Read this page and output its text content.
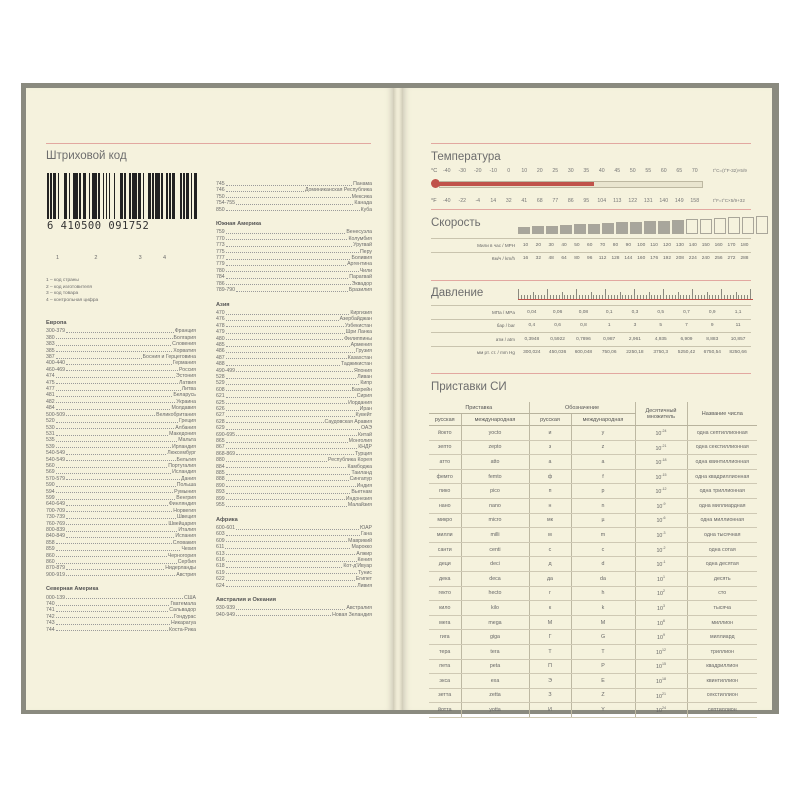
Штриховой код
6 410500 091752
1	2	3	4
1 – код страны
2 – код изготовителя
3 – код товара
4 – контрольная цифра
Европа
300-379	Франция
380	Болгария
383	Словения
385	Хорватия
387	Босния и Герцеговина
400-440	Германия
460-469	Россия
474	Эстония
475	Латвия
477	Литва
481	Беларусь
482	Украина
484	Молдавия
500-509	Великобритания
520	Греция
530	Албания
531	Македония
535	Мальта
539	Ирландия
540-549	Люксембург
540-549	Бельгия
560	Португалия
569	Исландия
570-579	Дания
590	Польша
594	Румыния
599	Венгрия
640-649	Финляндия
700-709	Норвегия
730-739	Швеция
760-769	Швейцария
800-839	Италия
840-849	Испания
858	Словакия
859	Чехия
860	Черногория
860	Сербия
870-879	Нидерланды
900-919	Австрия
Северная Америка
000-139	США
740	Гватемала
741	Сальвадор
742	Гондурас
743	Никарагуа
744	Коста-Рика
745	Панама
746	Доминиканская Республика
750	Мексика
754-755	Канада
850	Куба
Южная Америка
759	Венесуэла
770	Колумбия
773	Уругвай
775	Перу
777	Боливия
779	Аргентина
780	Чили
784	Парагвай
786	Эквадор
789-790	Бразилия
Азия
470	Киргизия
476	Азербайджан
478	Узбекистан
479	Шри Ланка
480	Филиппины
485	Армения
486	Грузия
487	Казахстан
488	Таджикистан
490-499	Япония
528	Ливан
529	Кипр
608	Бахрейн
621	Сирия
625	Иордания
626	Иран
627	Кувейт
628	Саудовская Аравия
629	ОАЭ
690-695	Китай
865	Монголия
867	КНДР
868-869	Турция
880	Республика Корея
884	Камбоджа
885	Таиланд
888	Сингапур
890	Индия
893	Вьетнам
899	Индонезия
955	Малайзия
Африка
600-601	ЮАР
603	Гана
609	Маврикий
611	Марокко
613	Алжир
616	Кения
618	Кот-д'Ивуар
619	Тунис
622	Египет
624	Ливия
Австралия и Океания
930-939	Австралия
940-949	Новая Зеландия
Температура
°C	-40	-30	-20	-10	0	10	20	25	30	35	40	45	50	55	60	65	70
°F	-40	-22	-4	14	32	41	68	77	86	95	104	113	122	131	140	149	158
t°C=(t°F-32)×5/9
t°F=t°C×5/9+32
Скорость
Мили в час / MPH	10	20	30	40	50	60	70	80	90	100	110	120	130	140	150	160	170	180
Км/ч / km/h	16	32	48	64	80	96	112	128	144	160	176	192	208	224	240	256	272	288
Давление
МПа / MPa	0,04	0,06	0,08	0,1	0,3	0,5	0,7	0,9	1,1
бар / bar	0,4	0,6	0,8	1	3	5	7	9	11
атм / atm	0,3948	0,5922	0,7896	0,987	2,961	4,935	6,909	8,883	10,857
мм рт. ст. / mm Hg	300,024	450,036	600,048	750,06	2250,18	3750,3	5250,42	6750,54	8250,66
Приставки СИ
Приставка		Обозначение		Десятичный множитель	Название числа
русская	международная	русская	международная		
йокто	yocto	и	y	$10^{-24}$	одна септиллионная
зепто	zepto	з	z	$10^{-21}$	одна секстиллионная
атто	atto	а	a	$10^{-18}$	одна квинтиллионная
фемто	femto	ф	f	$10^{-15}$	одна квадриллионная
пико	pico	п	p	$10^{-12}$	одна триллионная
нано	nano	н	n	$10^{-9}$	одна миллиардная
микро	micro	мк	µ	$10^{-6}$	одна миллионная
милли	milli	м	m	$10^{-3}$	одна тысячная
санти	centi	с	c	$10^{-2}$	одна сотая
деци	deci	д	d	$10^{-1}$	одна десятая
дека	deca	да	da	$10^1$	десять
гекто	hecto	г	h	$10^2$	сто
кило	kilo	к	k	$10^3$	тысяча
мега	mega	М	M	$10^6$	миллион
гига	giga	Г	G	$10^9$	миллиард
тера	tera	Т	T	$10^{12}$	триллион
пета	peta	П	P	$10^{15}$	квадриллион
экса	exa	Э	E	$10^{18}$	квинтиллион
зетта	zetta	З	Z	$10^{21}$	секстиллион
йотта	yotta	И	Y	$10^{24}$	септиллион
